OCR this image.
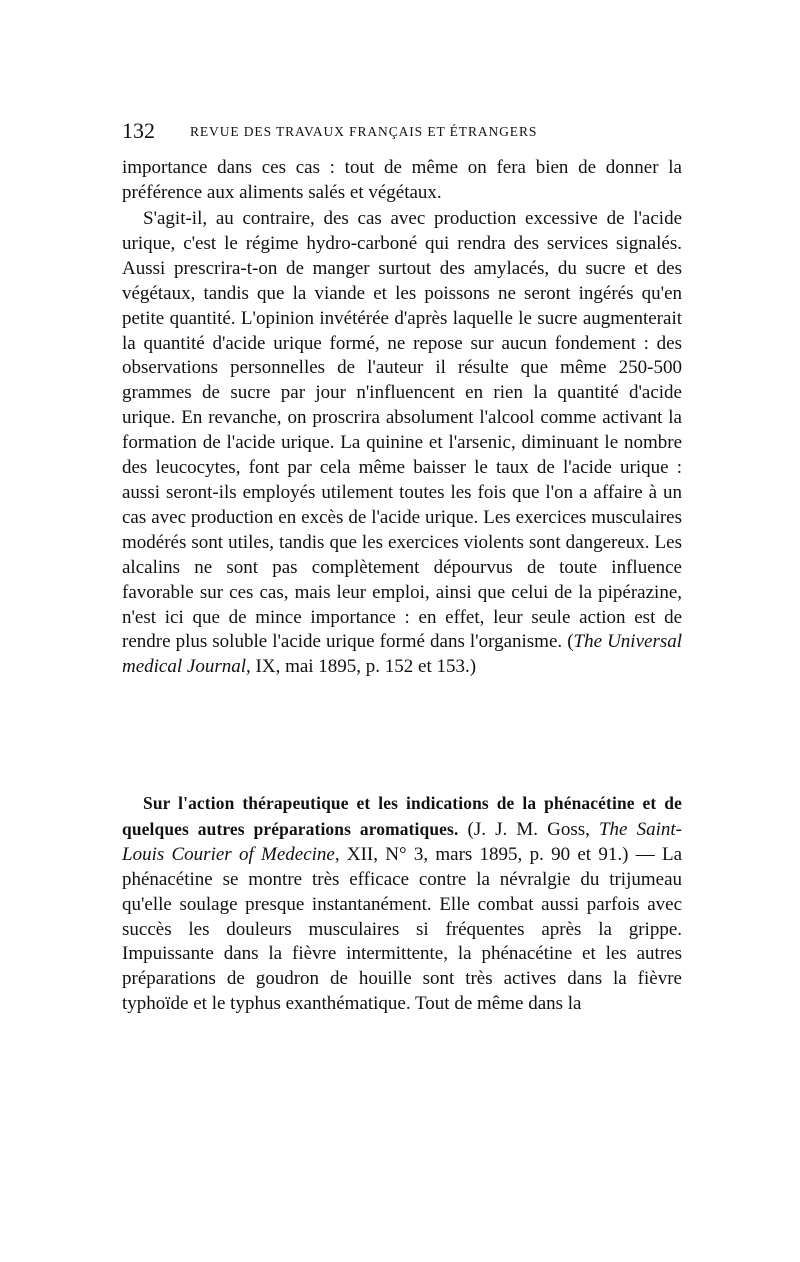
132	REVUE DES TRAVAUX FRANÇAIS ET ÉTRANGERS

importance dans ces cas : tout de même on fera bien de donner la préférence aux aliments salés et végétaux.

S'agit-il, au contraire, des cas avec production excessive de l'acide urique, c'est le régime hydro-carboné qui rendra des services signalés. Aussi prescrira-t-on de manger surtout des amylacés, du sucre et des végétaux, tandis que la viande et les poissons ne seront ingérés qu'en petite quantité. L'opinion invétérée d'après laquelle le sucre augmenterait la quantité d'acide urique formé, ne repose sur aucun fondement : des observations personnelles de l'auteur il résulte que même 250-500 grammes de sucre par jour n'influencent en rien la quantité d'acide urique. En revanche, on proscrira absolument l'alcool comme activant la formation de l'acide urique. La quinine et l'arsenic, diminuant le nombre des leucocytes, font par cela même baisser le taux de l'acide urique : aussi seront-ils employés utilement toutes les fois que l'on a affaire à un cas avec production en excès de l'acide urique. Les exercices musculaires modérés sont utiles, tandis que les exercices violents sont dangereux. Les alcalins ne sont pas complètement dépourvus de toute influence favorable sur ces cas, mais leur emploi, ainsi que celui de la pipérazine, n'est ici que de mince importance : en effet, leur seule action est de rendre plus soluble l'acide urique formé dans l'organisme. (The Universal medical Journal, IX, mai 1895, p. 152 et 153.)

Sur l'action thérapeutique et les indications de la phénacétine et de quelques autres préparations aromatiques. (J. J. M. Goss, The Saint-Louis Courier of Medecine, XII, N° 3, mars 1895, p. 90 et 91.) — La phénacétine se montre très efficace contre la névralgie du trijumeau qu'elle soulage presque instantanément. Elle combat aussi parfois avec succès les douleurs musculaires si fréquentes après la grippe. Impuissante dans la fièvre intermittente, la phénacétine et les autres préparations de goudron de houille sont très actives dans la fièvre typhoïde et le typhus exanthématique. Tout de même dans la
